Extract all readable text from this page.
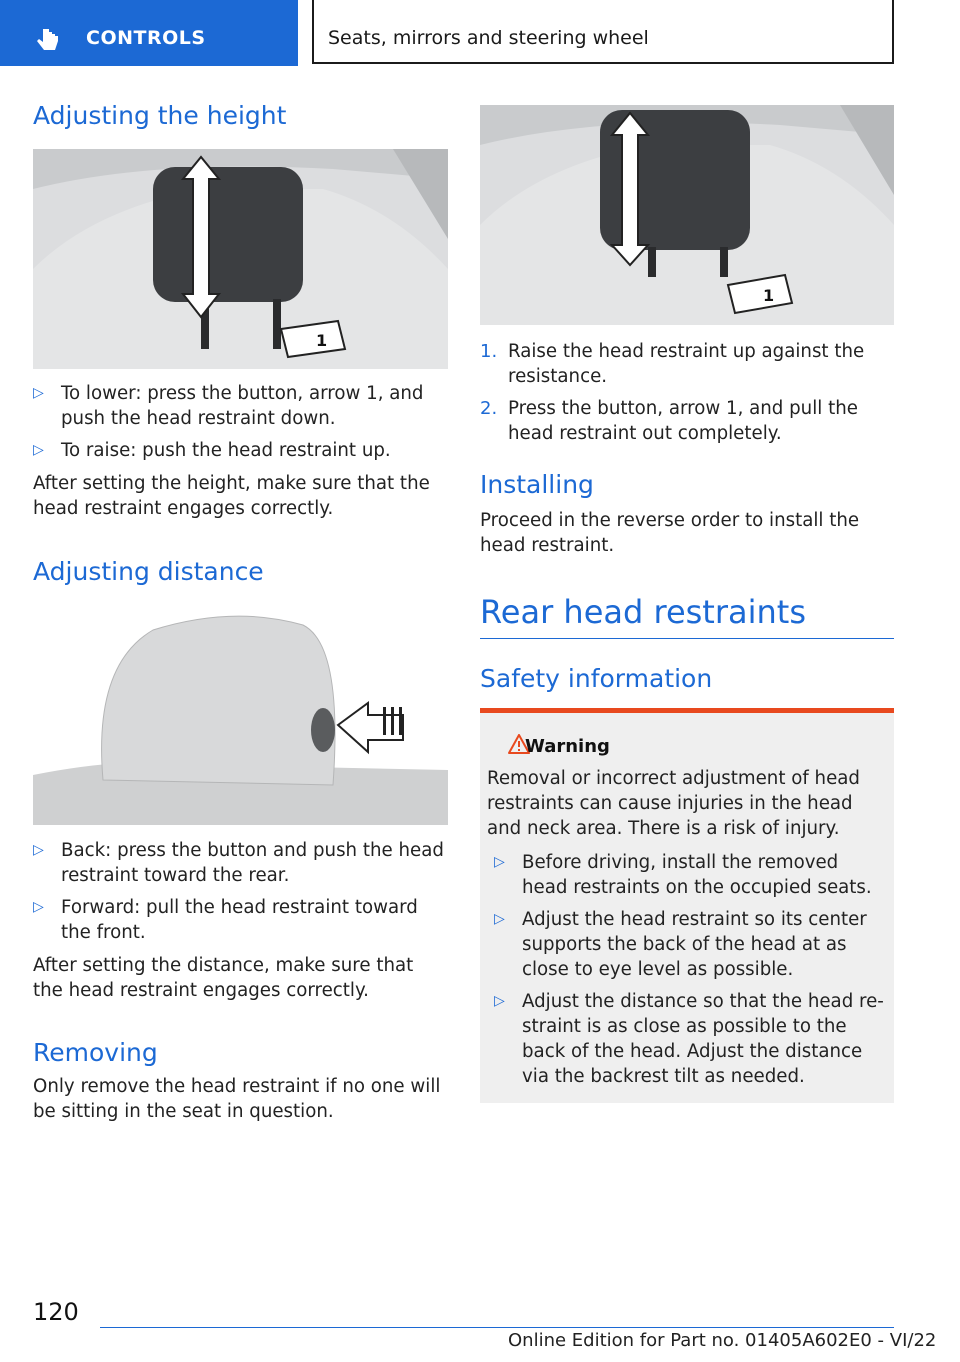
CONTROLS	Seats, mirrors and steering wheel
Adjusting the height
1
▷ To lower: press the button, arrow 1, and push the head restraint down.
▷ To raise: push the head restraint up.
After setting the height, make sure that the head restraint engages correctly.
Adjusting distance
▷ Back: press the button and push the head restraint toward the rear.
▷ Forward: pull the head restraint toward the front.
After setting the distance, make sure that the head restraint engages correctly.
Removing
Only remove the head restraint if no one will be sitting in the seat in question.
1
1. Raise the head restraint up against the resistance.
2. Press the button, arrow 1, and pull the head restraint out completely.
Installing
Proceed in the reverse order to install the head restraint.
Rear head restraints
Safety information
Warning
Removal or incorrect adjustment of head restraints can cause injuries in the head and neck area. There is a risk of injury.
▷ Before driving, install the removed head restraints on the occupied seats.
▷ Adjust the head restraint so its center supports the back of the head at as close to eye level as possible.
▷ Adjust the distance so that the head restraint is as close as possible to the back of the head. Adjust the distance via the backrest tilt as needed.
120
Online Edition for Part no. 01405A602E0 - VI/22
